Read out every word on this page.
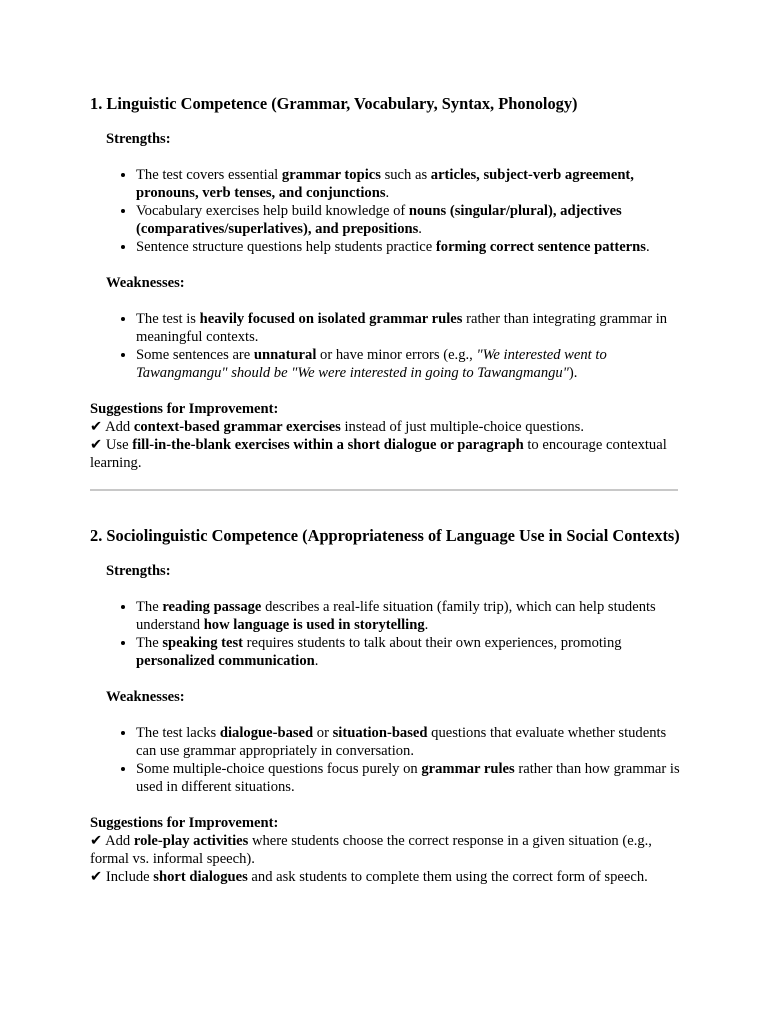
1. Linguistic Competence (Grammar, Vocabulary, Syntax, Phonology)

Strengths:

• The test covers essential grammar topics such as articles, subject-verb agreement, pronouns, verb tenses, and conjunctions.
• Vocabulary exercises help build knowledge of nouns (singular/plural), adjectives (comparatives/superlatives), and prepositions.
• Sentence structure questions help students practice forming correct sentence patterns.

Weaknesses:

• The test is heavily focused on isolated grammar rules rather than integrating grammar in meaningful contexts.
• Some sentences are unnatural or have minor errors (e.g., "We interested went to Tawangmangu" should be "We were interested in going to Tawangmangu").

Suggestions for Improvement:

✔ Add context-based grammar exercises instead of just multiple-choice questions.

✔ Use fill-in-the-blank exercises within a short dialogue or paragraph to encourage contextual learning.

2. Sociolinguistic Competence (Appropriateness of Language Use in Social Contexts)

Strengths:

• The reading passage describes a real-life situation (family trip), which can help students understand how language is used in storytelling.
• The speaking test requires students to talk about their own experiences, promoting personalized communication.

Weaknesses:

• The test lacks dialogue-based or situation-based questions that evaluate whether students can use grammar appropriately in conversation.
• Some multiple-choice questions focus purely on grammar rules rather than how grammar is used in different situations.

Suggestions for Improvement:

✔ Add role-play activities where students choose the correct response in a given situation (e.g., formal vs. informal speech).

✔ Include short dialogues and ask students to complete them using the correct form of speech.
